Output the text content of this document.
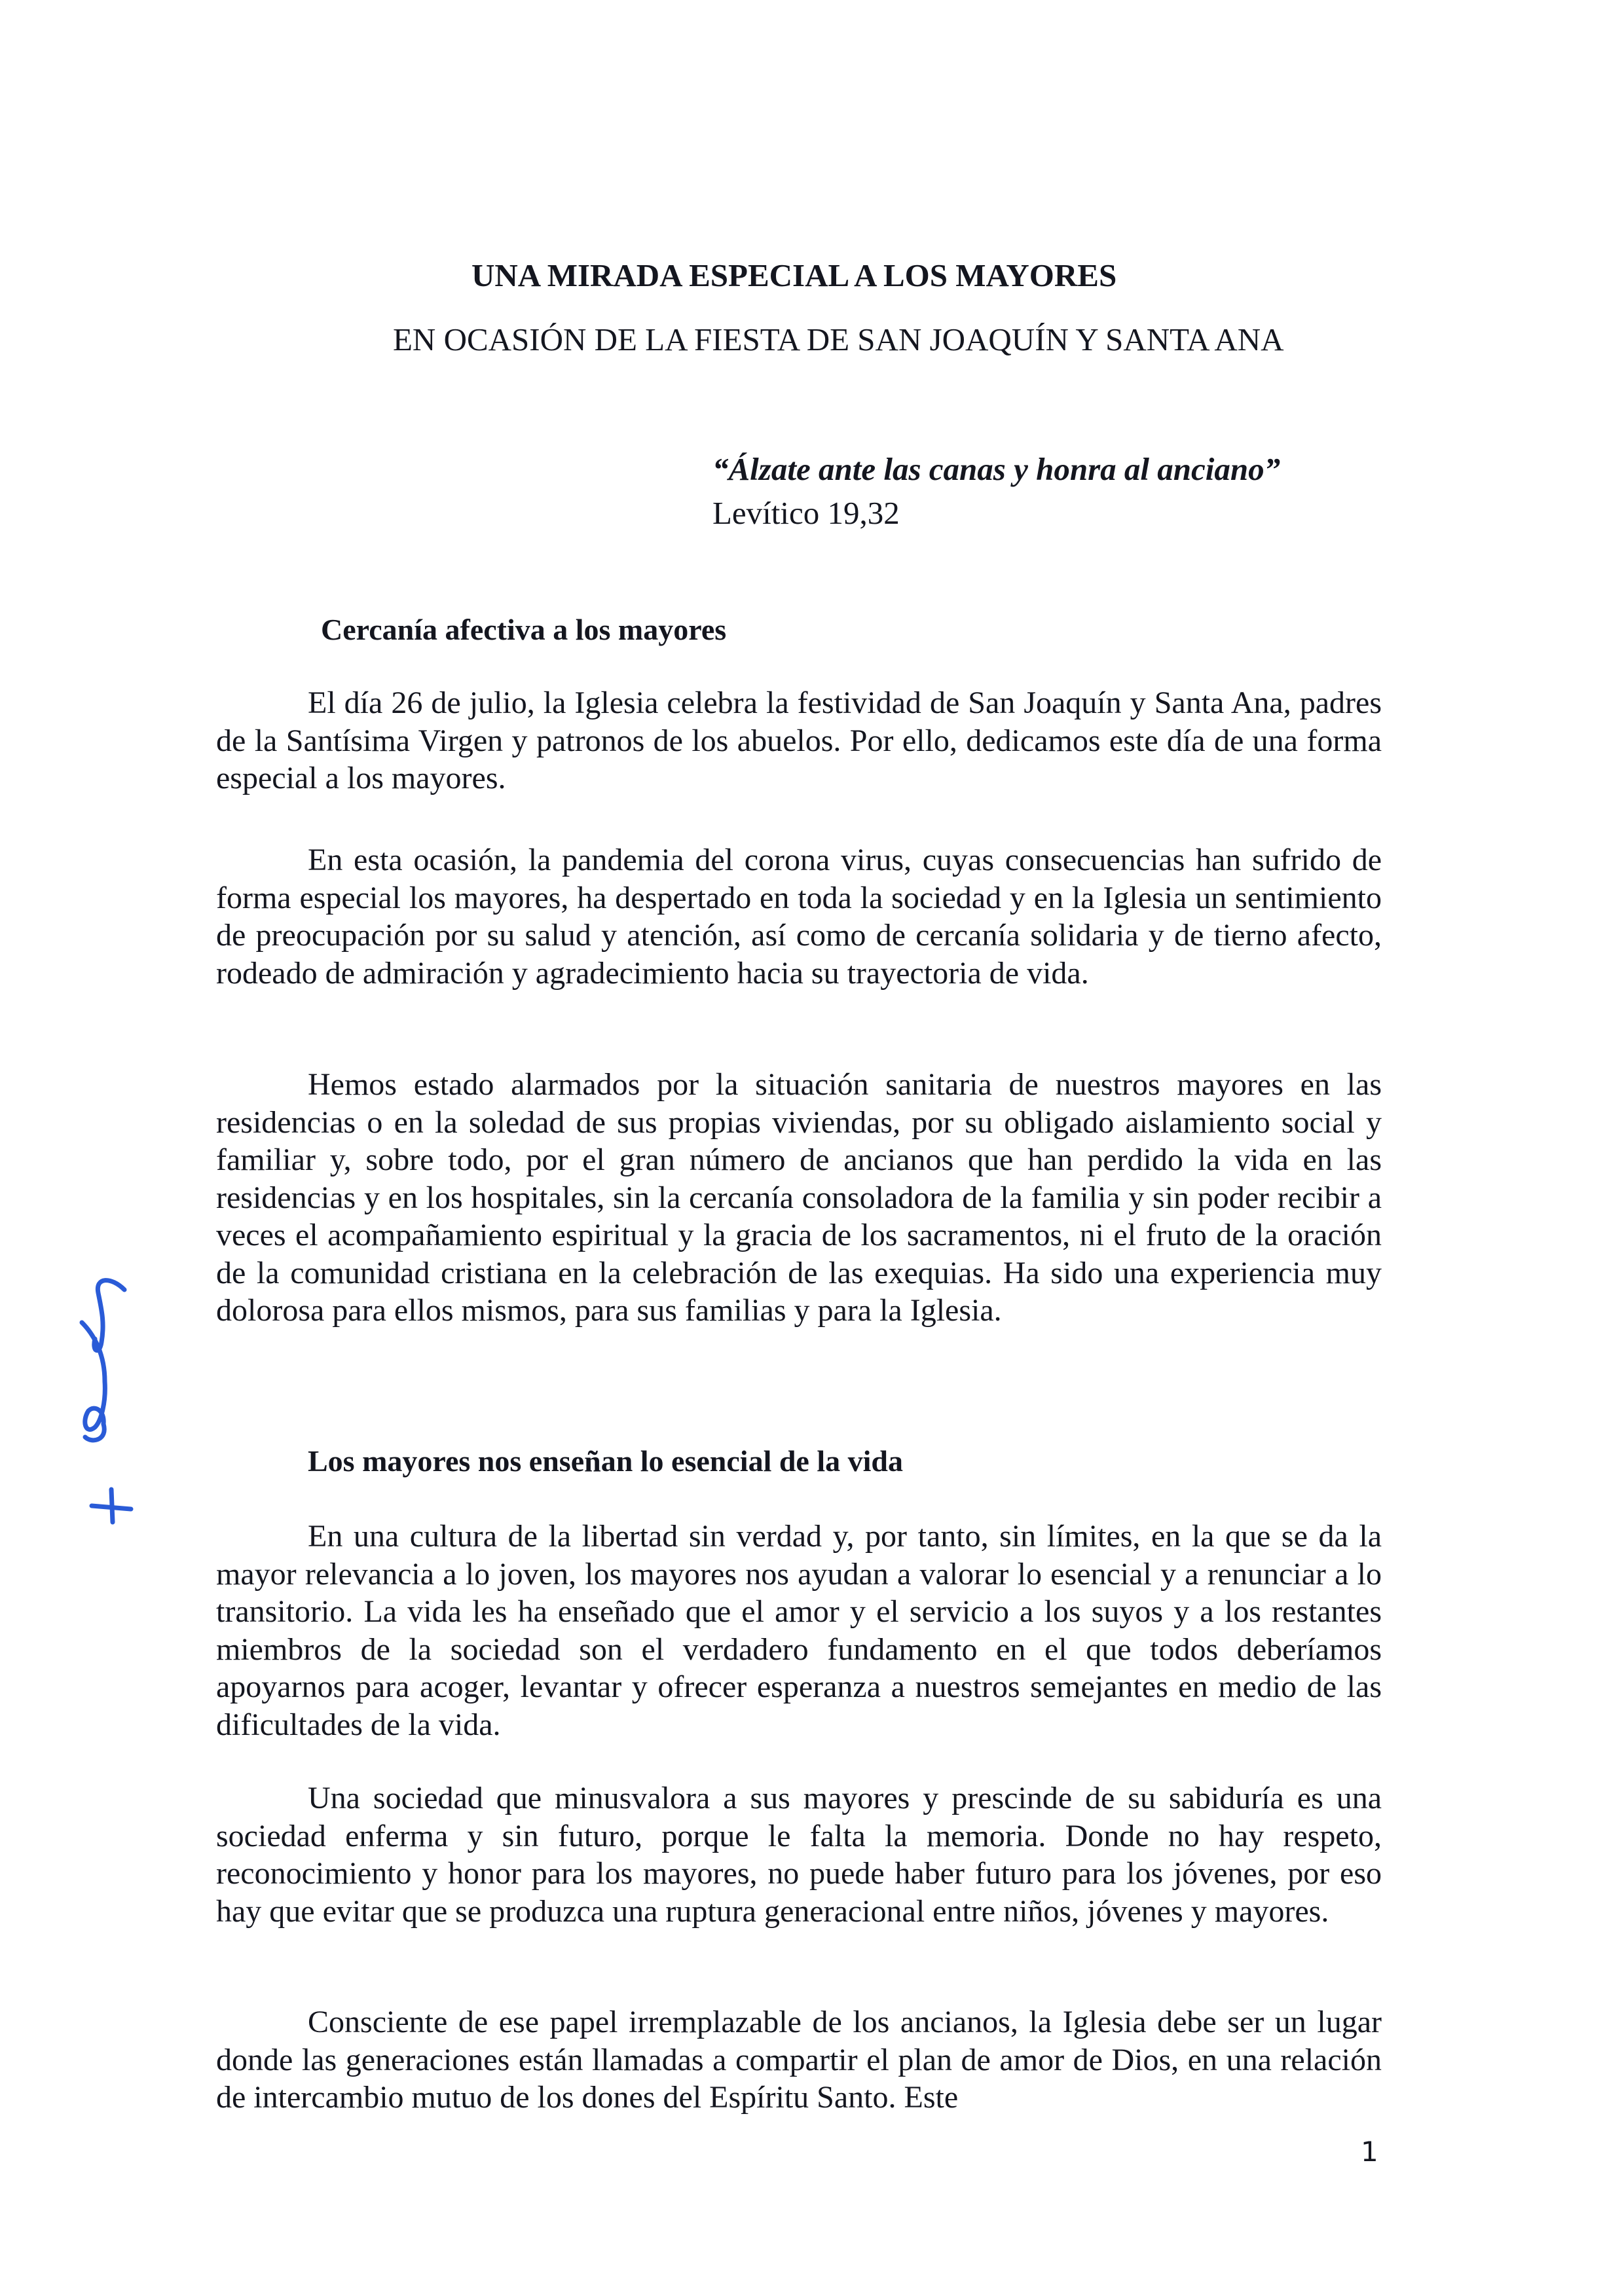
UNA MIRADA ESPECIAL A LOS MAYORES
EN OCASIÓN DE LA FIESTA DE SAN JOAQUÍN Y SANTA ANA
“Álzate ante las canas y honra al anciano”
Levítico 19,32
Cercanía afectiva a los mayores

El día 26 de julio, la Iglesia celebra la festividad de San Joaquín y Santa Ana, padres de la Santísima Virgen y patronos de los abuelos. Por ello, dedicamos este día de una forma especial a los mayores.

En esta ocasión, la pandemia del corona virus, cuyas consecuencias han sufrido de forma especial los mayores, ha despertado en toda la sociedad y en la Iglesia un sentimiento de preocupación por su salud y atención, así como de cercanía solidaria y de tierno afecto, rodeado de admiración y agradecimiento hacia su trayectoria de vida.

Hemos estado alarmados por la situación sanitaria de nuestros mayores en las residencias o en la soledad de sus propias viviendas, por su obligado aislamiento social y familiar y, sobre todo, por el gran número de ancianos que han perdido la vida en las residencias y en los hospitales, sin la cercanía consoladora de la familia y sin poder recibir a veces el acompañamiento espiritual y la gracia de los sacramentos, ni el fruto de la oración de la comunidad cristiana en la celebración de las exequias. Ha sido una experiencia muy dolorosa para ellos mismos, para sus familias y para la Iglesia.

Los mayores nos enseñan lo esencial de la vida

En una cultura de la libertad sin verdad y, por tanto, sin límites, en la que se da la mayor relevancia a lo joven, los mayores nos ayudan a valorar lo esencial y a renunciar a lo transitorio. La vida les ha enseñado que el amor y el servicio a los suyos y a los restantes miembros de la sociedad son el verdadero fundamento en el que todos deberíamos apoyarnos para acoger, levantar y ofrecer esperanza a nuestros semejantes en medio de las dificultades de la vida.

Una sociedad que minusvalora a sus mayores y prescinde de su sabiduría es una sociedad enferma y sin futuro, porque le falta la memoria. Donde no hay respeto, reconocimiento y honor para los mayores, no puede haber futuro para los jóvenes, por eso hay que evitar que se produzca una ruptura generacional entre niños, jóvenes y mayores.

Consciente de ese papel irremplazable de los ancianos, la Iglesia debe ser un lugar donde las generaciones están llamadas a compartir el plan de amor de Dios, en una relación de intercambio mutuo de los dones del Espíritu Santo. Este

1
